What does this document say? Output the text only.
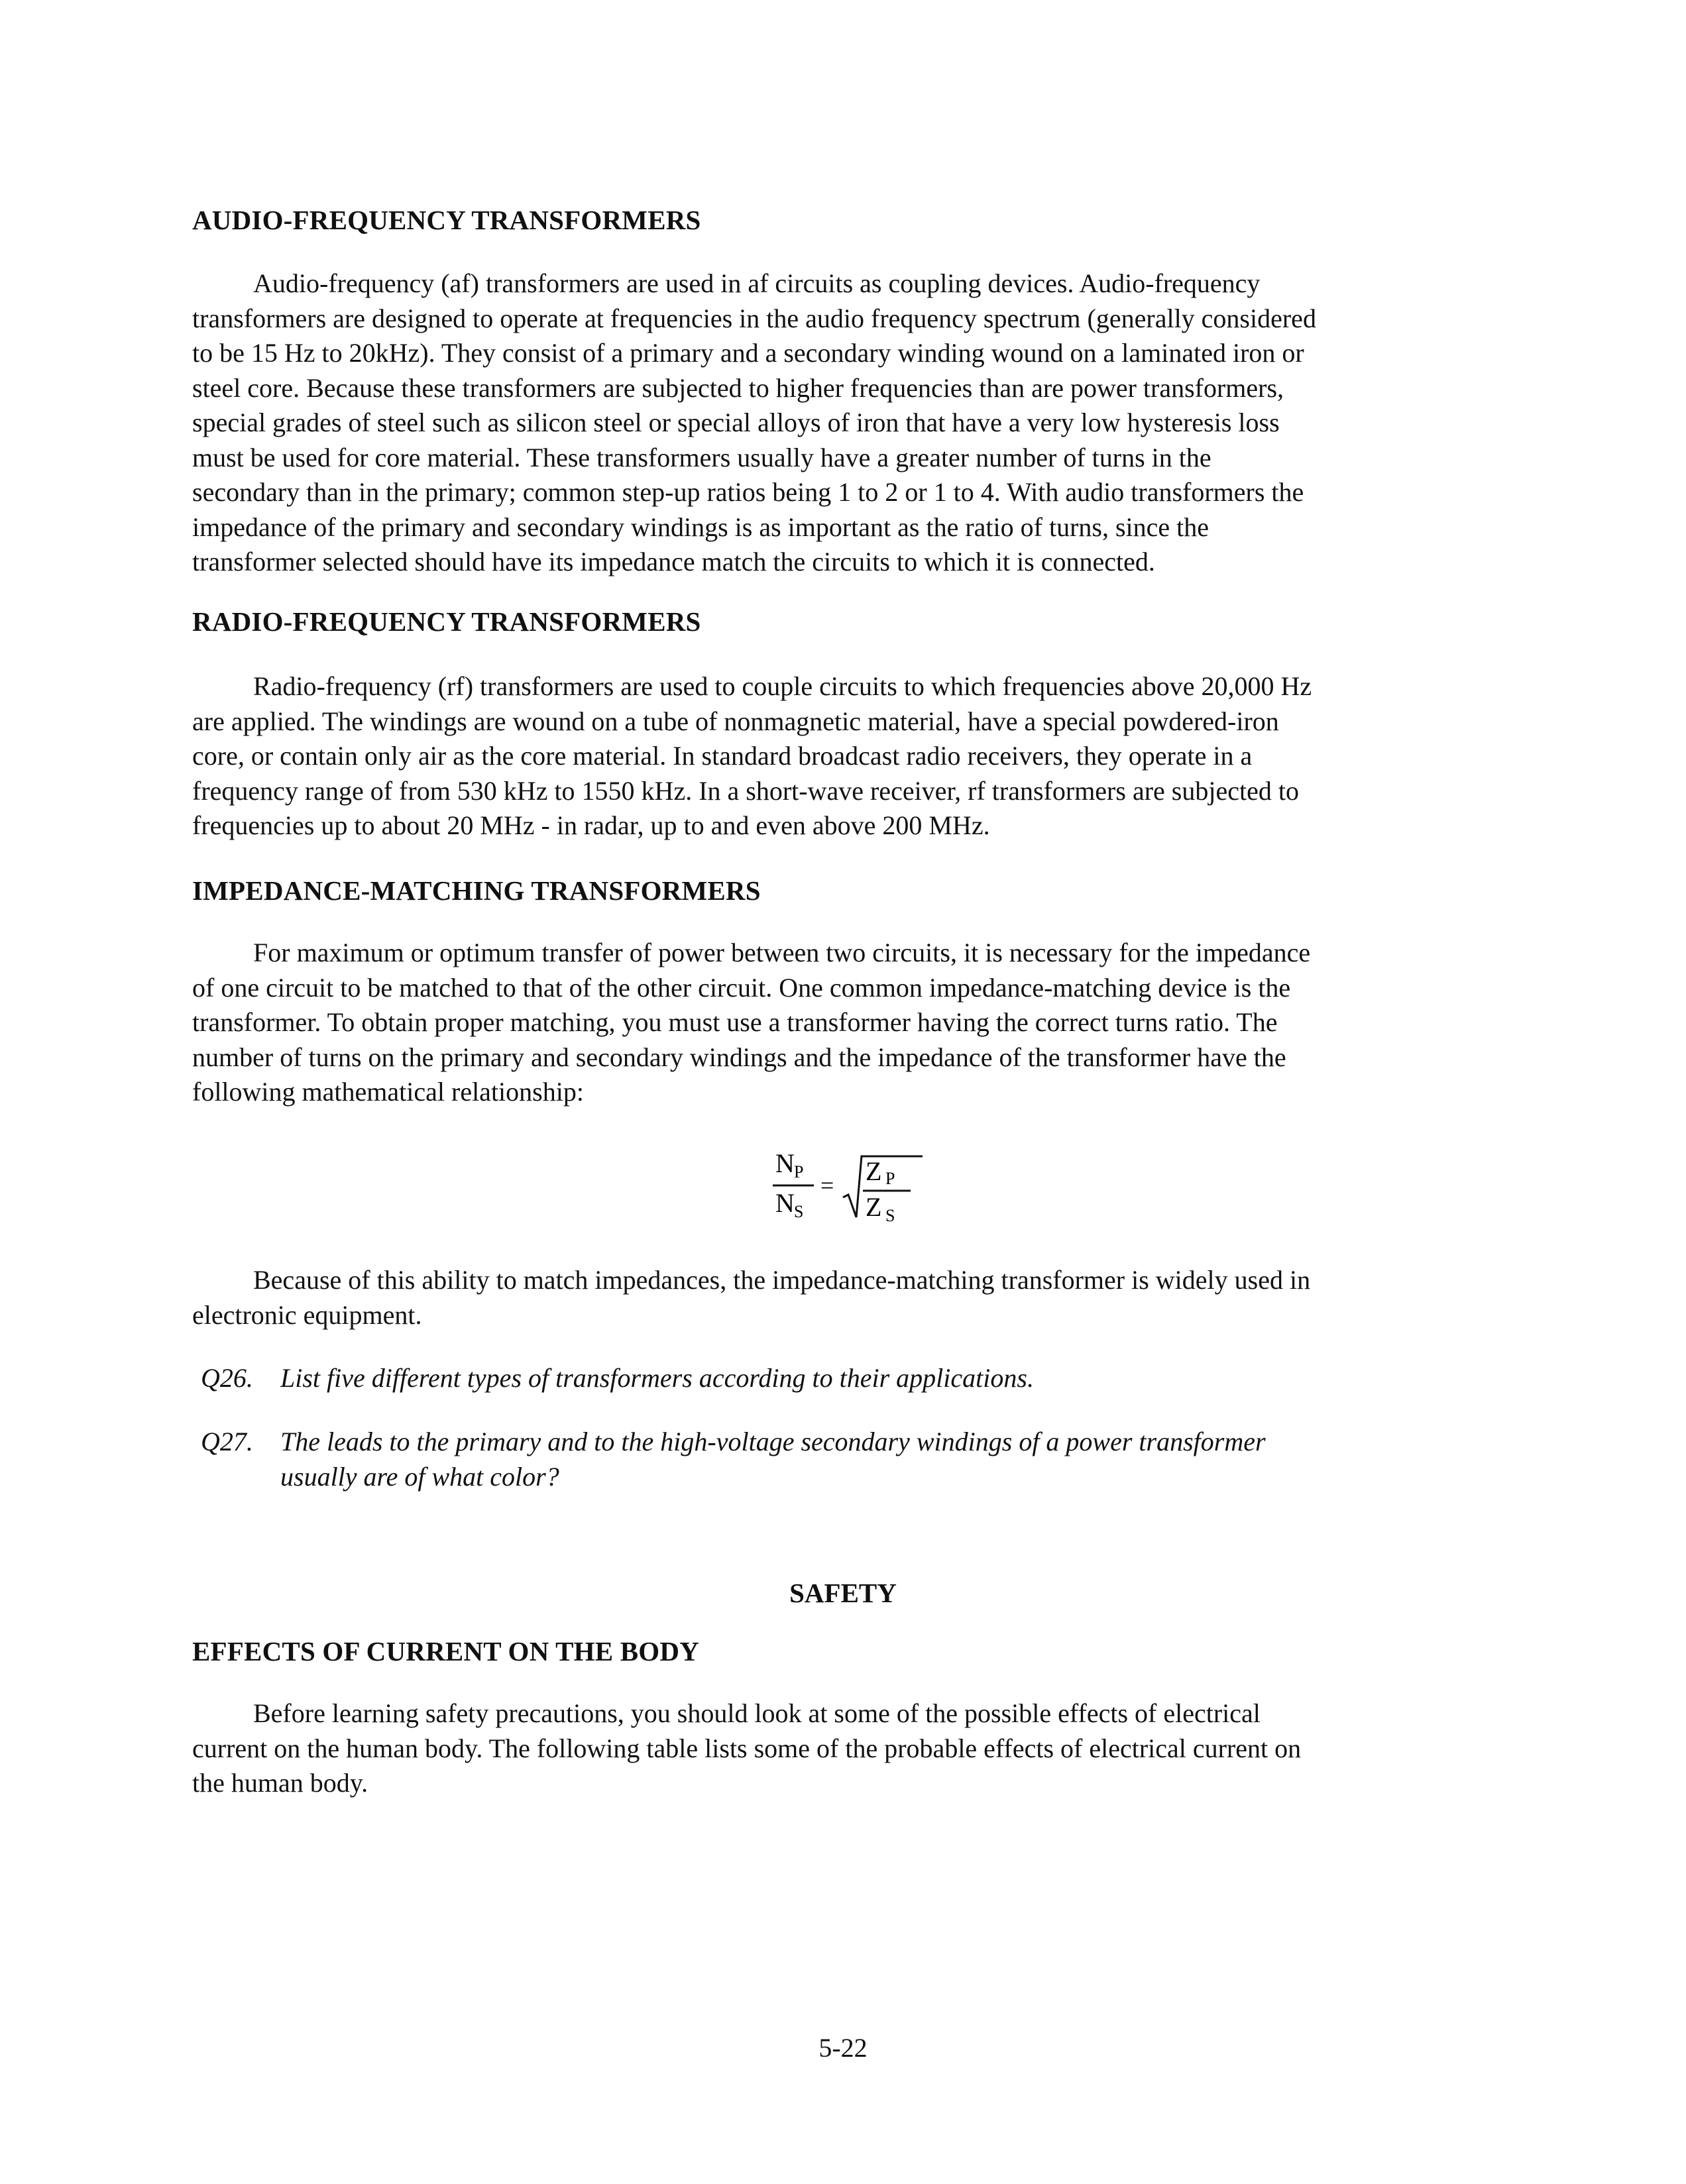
AUDIO-FREQUENCY TRANSFORMERS
Audio-frequency (af) transformers are used in af circuits as coupling devices. Audio-frequency
transformers are designed to operate at frequencies in the audio frequency spectrum (generally considered
to be 15 Hz to 20kHz). They consist of a primary and a secondary winding wound on a laminated iron or
steel core. Because these transformers are subjected to higher frequencies than are power transformers,
special grades of steel such as silicon steel or special alloys of iron that have a very low hysteresis loss
must be used for core material. These transformers usually have a greater number of turns in the
secondary than in the primary; common step-up ratios being 1 to 2 or 1 to 4. With audio transformers the
impedance of the primary and secondary windings is as important as the ratio of turns, since the
transformer selected should have its impedance match the circuits to which it is connected.
RADIO-FREQUENCY TRANSFORMERS
Radio-frequency (rf) transformers are used to couple circuits to which frequencies above 20,000 Hz
are applied. The windings are wound on a tube of nonmagnetic material, have a special powdered-iron
core, or contain only air as the core material. In standard broadcast radio receivers, they operate in a
frequency range of from 530 kHz to 1550 kHz. In a short-wave receiver, rf transformers are subjected to
frequencies up to about 20 MHz - in radar, up to and even above 200 MHz.
IMPEDANCE-MATCHING TRANSFORMERS
For maximum or optimum transfer of power between two circuits, it is necessary for the impedance
of one circuit to be matched to that of the other circuit. One common impedance-matching device is the
transformer. To obtain proper matching, you must use a transformer having the correct turns ratio. The
number of turns on the primary and secondary windings and the impedance of the transformer have the
following mathematical relationship:
N P
N S
= Z P
Z S
Because of this ability to match impedances, the impedance-matching transformer is widely used in
electronic equipment.
Q26. List five different types of transformers according to their applications.
Q27. The leads to the primary and to the high-voltage secondary windings of a power transformer
usually are of what color?
SAFETY
EFFECTS OF CURRENT ON THE BODY
Before learning safety precautions, you should look at some of the possible effects of electrical
current on the human body. The following table lists some of the probable effects of electrical current on
the human body.
5-22
